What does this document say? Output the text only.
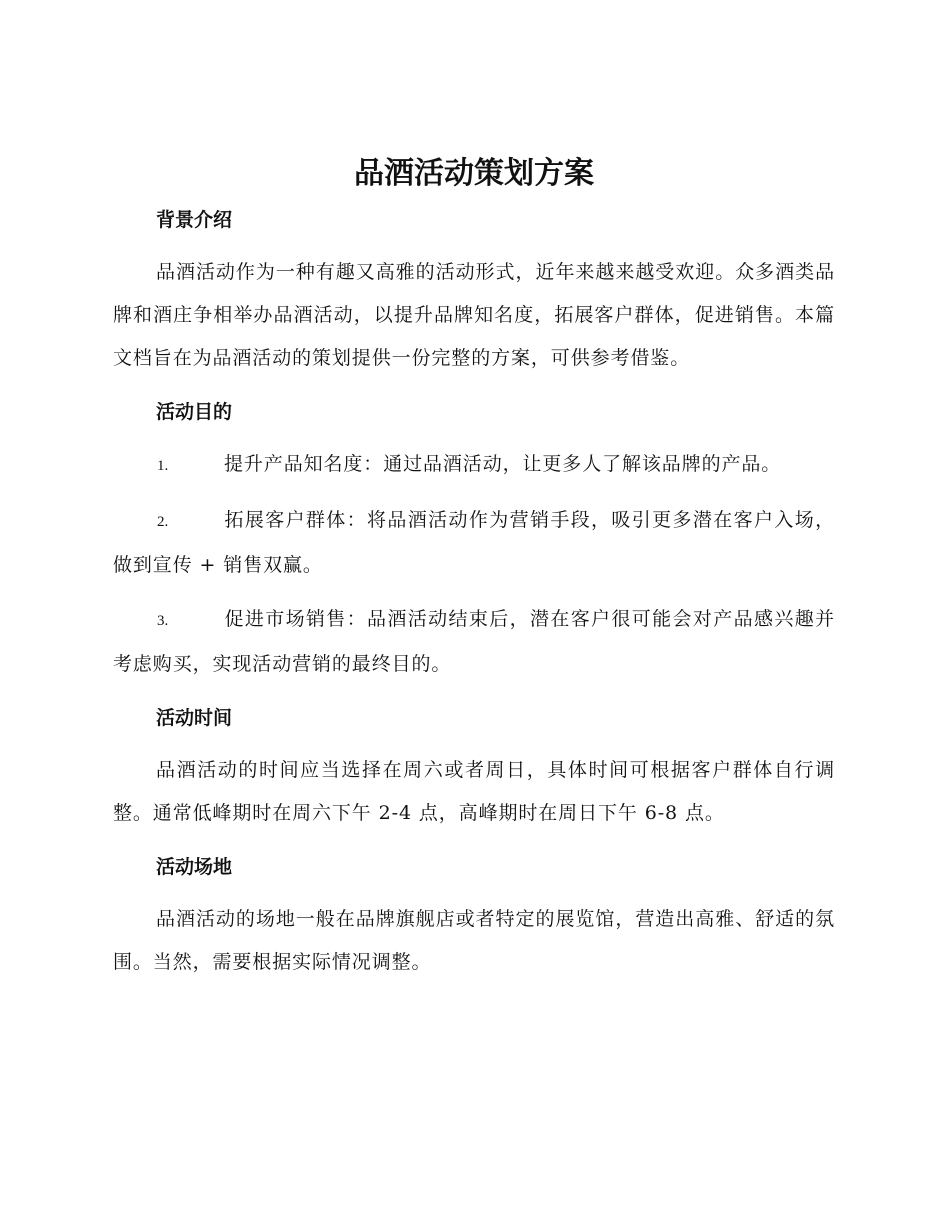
品酒活动策划方案
背景介绍

品酒活动作为一种有趣又高雅的活动形式，近年来越来越受欢迎。众多酒类品牌和酒庄争相举办品酒活动，以提升品牌知名度，拓展客户群体，促进销售。本篇文档旨在为品酒活动的策划提供一份完整的方案，可供参考借鉴。

活动目的

1.	提升产品知名度：通过品酒活动，让更多人了解该品牌的产品。

2.	拓展客户群体：将品酒活动作为营销手段，吸引更多潜在客户入场，做到宣传 + 销售双赢。

3.	促进市场销售：品酒活动结束后，潜在客户很可能会对产品感兴趣并考虑购买，实现活动营销的最终目的。

活动时间

品酒活动的时间应当选择在周六或者周日，具体时间可根据客户群体自行调整。通常低峰期时在周六下午 2-4 点，高峰期时在周日下午 6-8 点。

活动场地

品酒活动的场地一般在品牌旗舰店或者特定的展览馆，营造出高雅、舒适的氛围。当然，需要根据实际情况调整。
